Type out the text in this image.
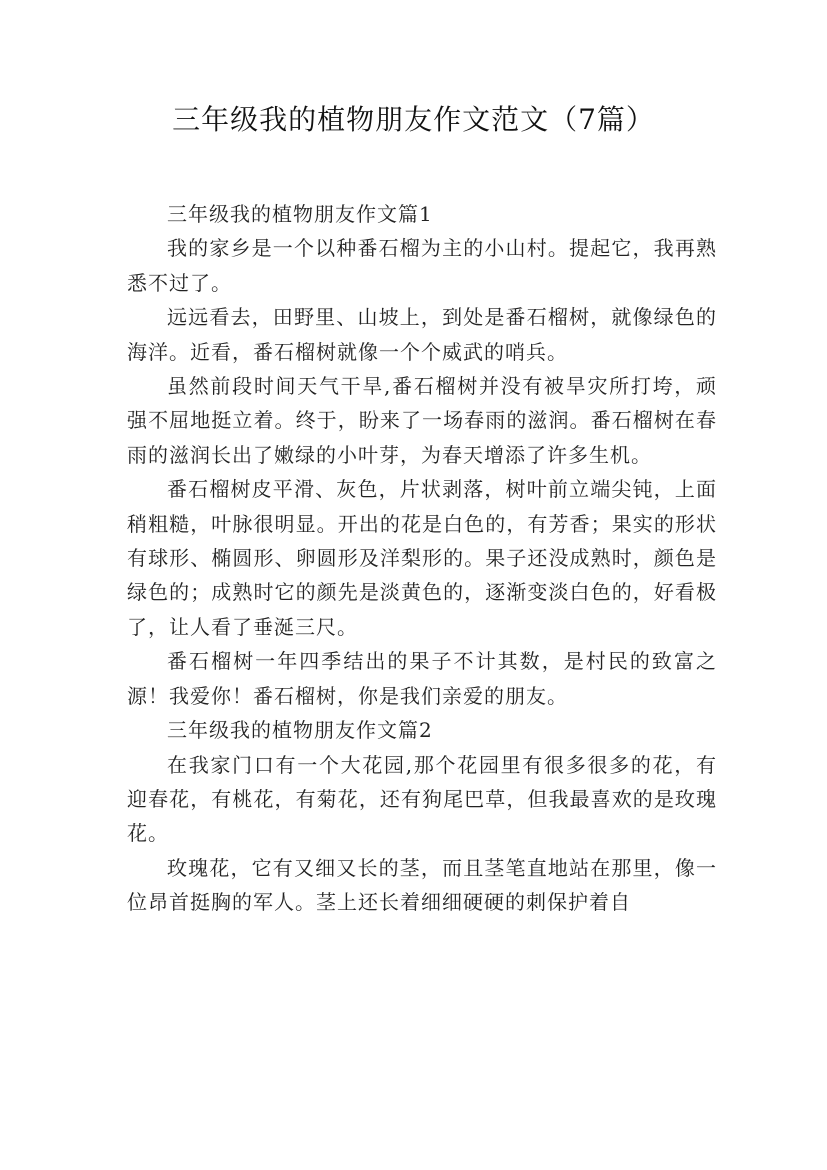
三年级我的植物朋友作文范文（7篇）

三年级我的植物朋友作文篇1

我的家乡是一个以种番石榴为主的小山村。提起它，我再熟悉不过了。

远远看去，田野里、山坡上，到处是番石榴树，就像绿色的海洋。近看，番石榴树就像一个个威武的哨兵。

虽然前段时间天气干旱,番石榴树并没有被旱灾所打垮，顽强不屈地挺立着。终于，盼来了一场春雨的滋润。番石榴树在春雨的滋润长出了嫩绿的小叶芽，为春天增添了许多生机。

番石榴树皮平滑、灰色，片状剥落，树叶前立端尖钝，上面稍粗糙，叶脉很明显。开出的花是白色的，有芳香；果实的形状有球形、椭圆形、卵圆形及洋梨形的。果子还没成熟时，颜色是绿色的；成熟时它的颜先是淡黄色的，逐渐变淡白色的，好看极了，让人看了垂涎三尺。

番石榴树一年四季结出的果子不计其数，是村民的致富之源！我爱你！番石榴树，你是我们亲爱的朋友。

三年级我的植物朋友作文篇2

在我家门口有一个大花园,那个花园里有很多很多的花，有迎春花，有桃花，有菊花，还有狗尾巴草，但我最喜欢的是玫瑰花。

玫瑰花，它有又细又长的茎，而且茎笔直地站在那里，像一位昂首挺胸的军人。茎上还长着细细硬硬的刺保护着自
